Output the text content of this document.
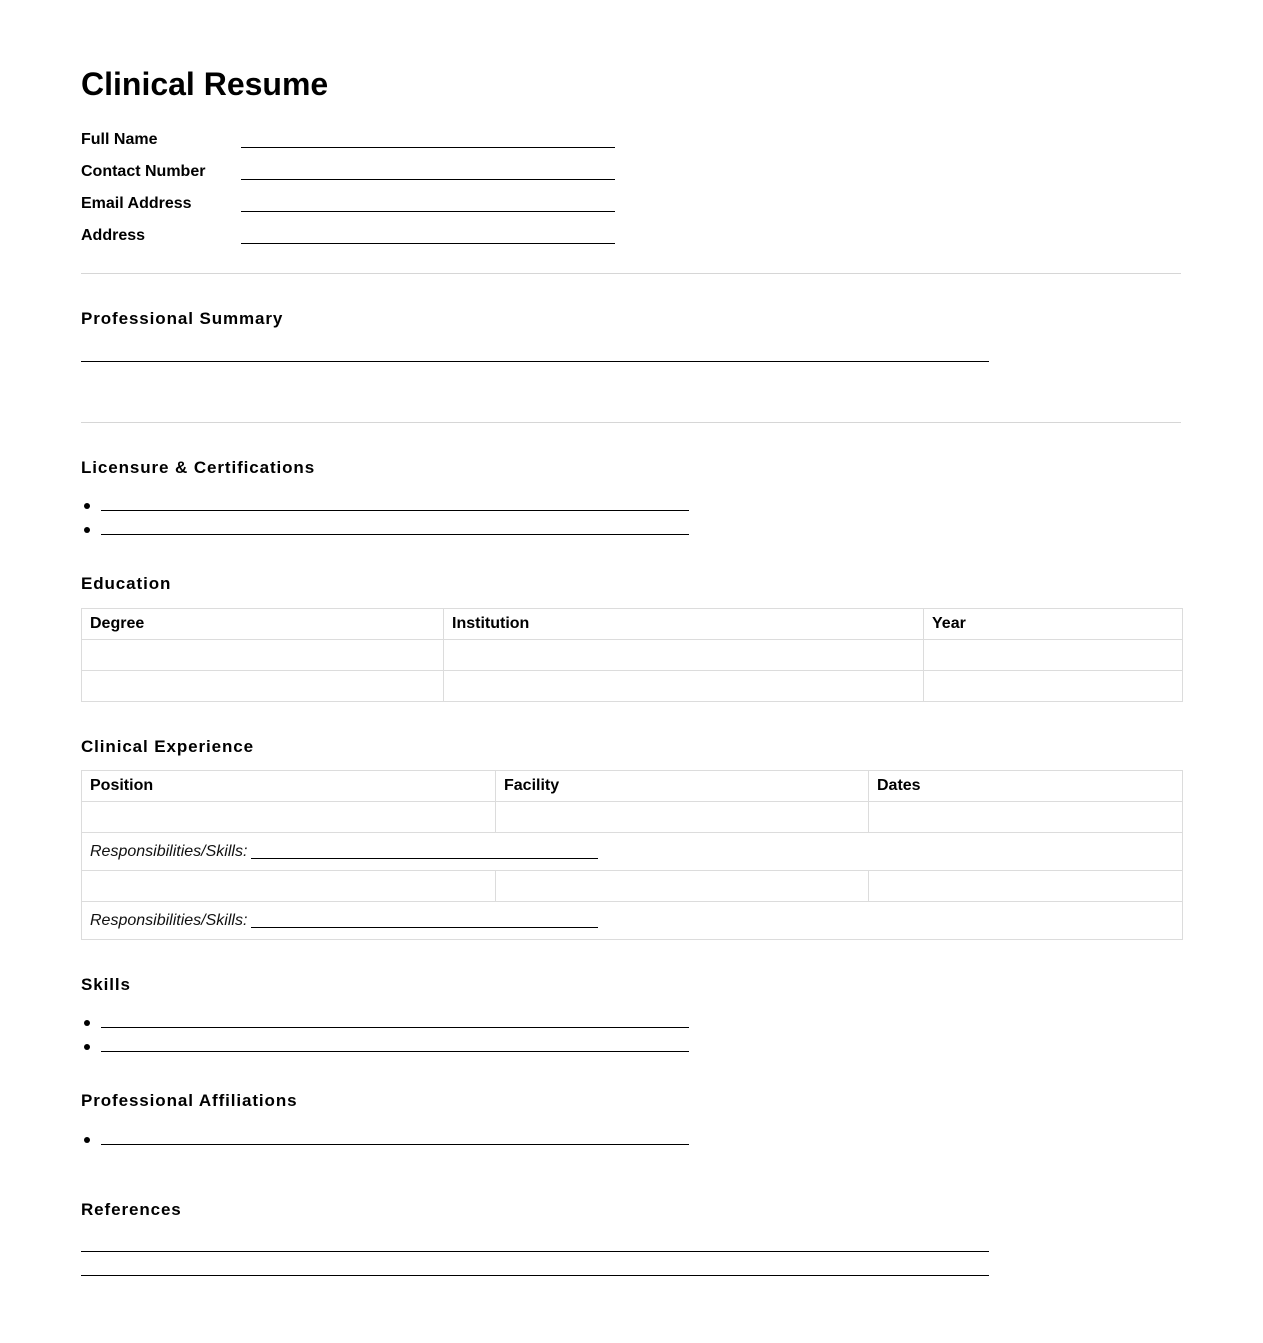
Clinical Resume
Full Name
Contact Number
Email Address
Address
Professional Summary
Licensure & Certifications
Education
Degree	Institution	Year

Clinical Experience
Position	Facility	Dates

Responsibilities/Skills:		

Responsibilities/Skills:		
Skills
Professional Affiliations
References
